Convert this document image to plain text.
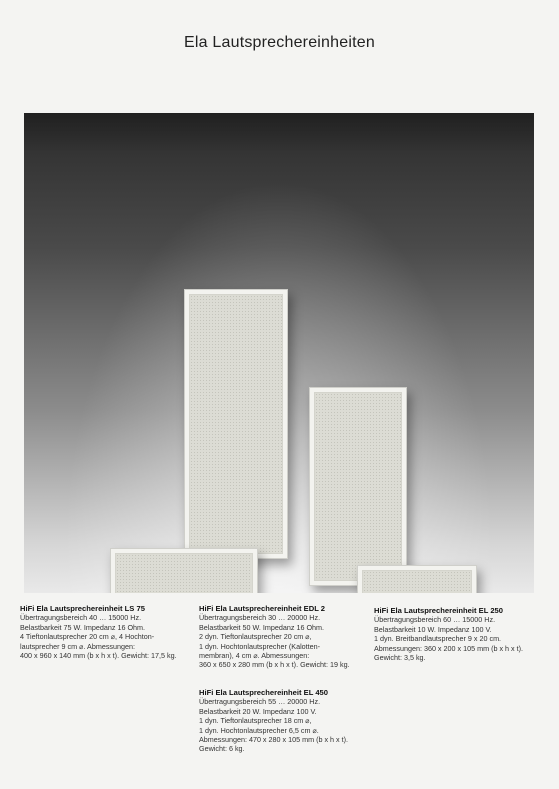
Ela Lautsprechereinheiten
HiFi Ela Lautsprechereinheit LS 75
Übertragungsbereich 40 … 15000 Hz.
Belastbarkeit 75 W. Impedanz 16 Ohm.
4 Tieftonlautsprecher 20 cm ⌀, 4 Hochton-
lautsprecher 9 cm ⌀. Abmessungen:
400 x 960 x 140 mm (b x h x t). Gewicht: 17,5 kg.
HiFi Ela Lautsprechereinheit EDL 2
Übertragungsbereich 30 … 20000 Hz.
Belastbarkeit 50 W. Impedanz 16 Ohm.
2 dyn. Tieftonlautsprecher 20 cm ⌀,
1 dyn. Hochtonlautsprecher (Kalotten-
membran), 4 cm ⌀. Abmessungen:
360 x 650 x 280 mm (b x h x t). Gewicht: 19 kg.
HiFi Ela Lautsprechereinheit EL 250
Übertragungsbereich 60 … 15000 Hz.
Belastbarkeit 10 W. Impedanz 100 V.
1 dyn. Breitbandlautsprecher 9 x 20 cm.
Abmessungen: 360 x 200 x 105 mm (b x h x t).
Gewicht: 3,5 kg.
HiFi Ela Lautsprechereinheit EL 450
Übertragungsbereich 55 … 20000 Hz.
Belastbarkeit 20 W. Impedanz 100 V.
1 dyn. Tieftonlautsprecher 18 cm ⌀,
1 dyn. Hochtonlautsprecher 6,5 cm ⌀.
Abmessungen: 470 x 280 x 105 mm (b x h x t).
Gewicht: 6 kg.
